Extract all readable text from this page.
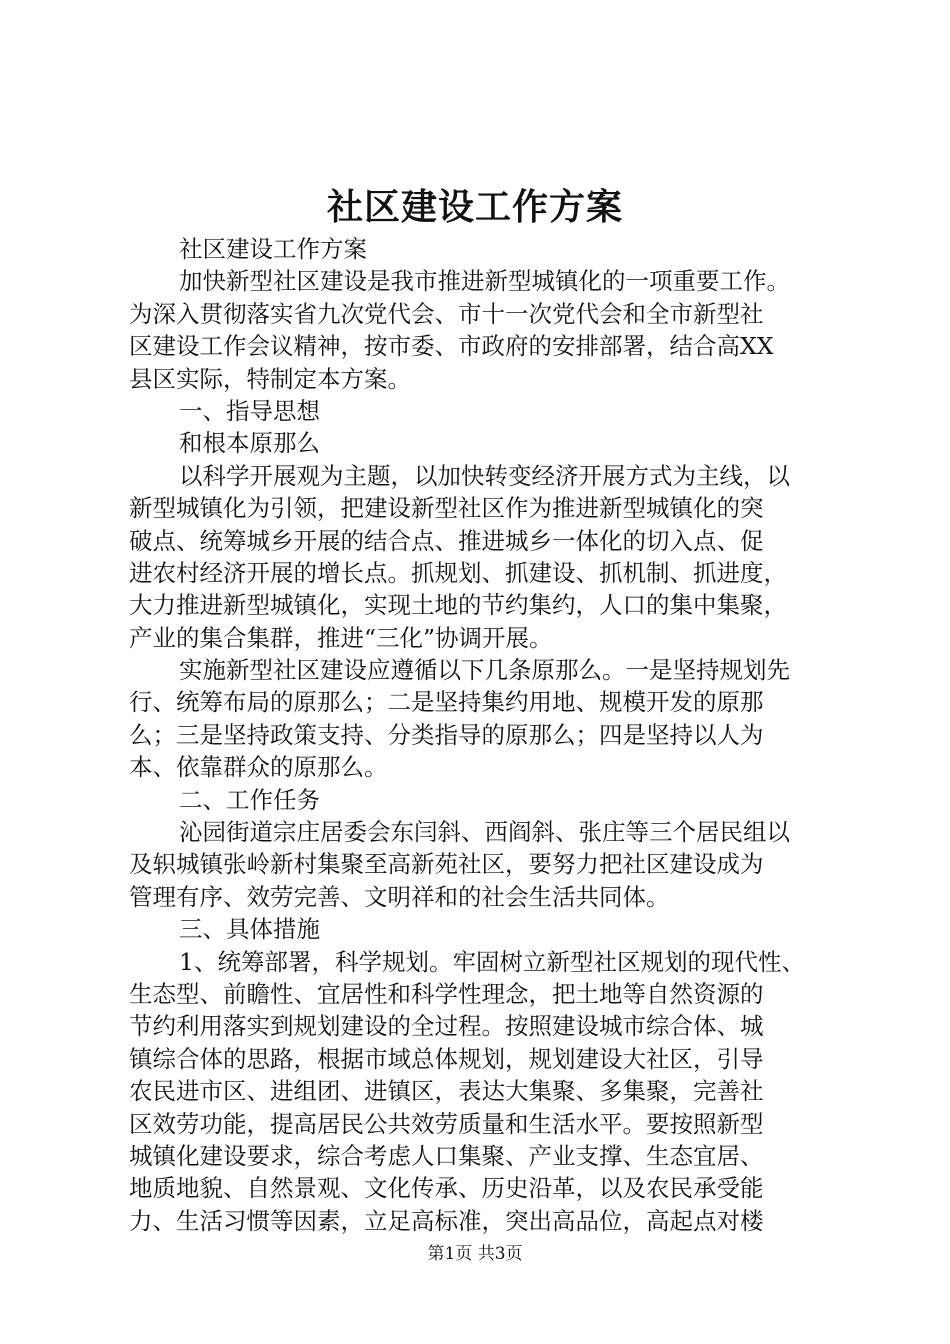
社区建设工作方案
社区建设工作方案
加快新型社区建设是我市推进新型城镇化的一项重要工作。
为深入贯彻落实省九次党代会、市十一次党代会和全市新型社
区建设工作会议精神，按市委、市政府的安排部署，结合高XX
县区实际，特制定本方案。
一、指导思想
和根本原那么
以科学开展观为主题，以加快转变经济开展方式为主线，以
新型城镇化为引领，把建设新型社区作为推进新型城镇化的突
破点、统筹城乡开展的结合点、推进城乡一体化的切入点、促
进农村经济开展的增长点。抓规划、抓建设、抓机制、抓进度，
大力推进新型城镇化，实现土地的节约集约，人口的集中集聚，
产业的集合集群，推进“三化”协调开展。
实施新型社区建设应遵循以下几条原那么。一是坚持规划先
行、统筹布局的原那么；二是坚持集约用地、规模开发的原那
么；三是坚持政策支持、分类指导的原那么；四是坚持以人为
本、依靠群众的原那么。
二、工作任务
沁园街道宗庄居委会东闫斜、西阎斜、张庄等三个居民组以
及轵城镇张岭新村集聚至高新苑社区，要努力把社区建设成为
管理有序、效劳完善、文明祥和的社会生活共同体。
三、具体措施
1、统筹部署，科学规划。牢固树立新型社区规划的现代性、
生态型、前瞻性、宜居性和科学性理念，把土地等自然资源的
节约利用落实到规划建设的全过程。按照建设城市综合体、城
镇综合体的思路，根据市域总体规划，规划建设大社区，引导
农民进市区、进组团、进镇区，表达大集聚、多集聚，完善社
区效劳功能，提高居民公共效劳质量和生活水平。要按照新型
城镇化建设要求，综合考虑人口集聚、产业支撑、生态宜居、
地质地貌、自然景观、文化传承、历史沿革，以及农民承受能
力、生活习惯等因素，立足高标准，突出高品位，高起点对楼
第1页 共3页
